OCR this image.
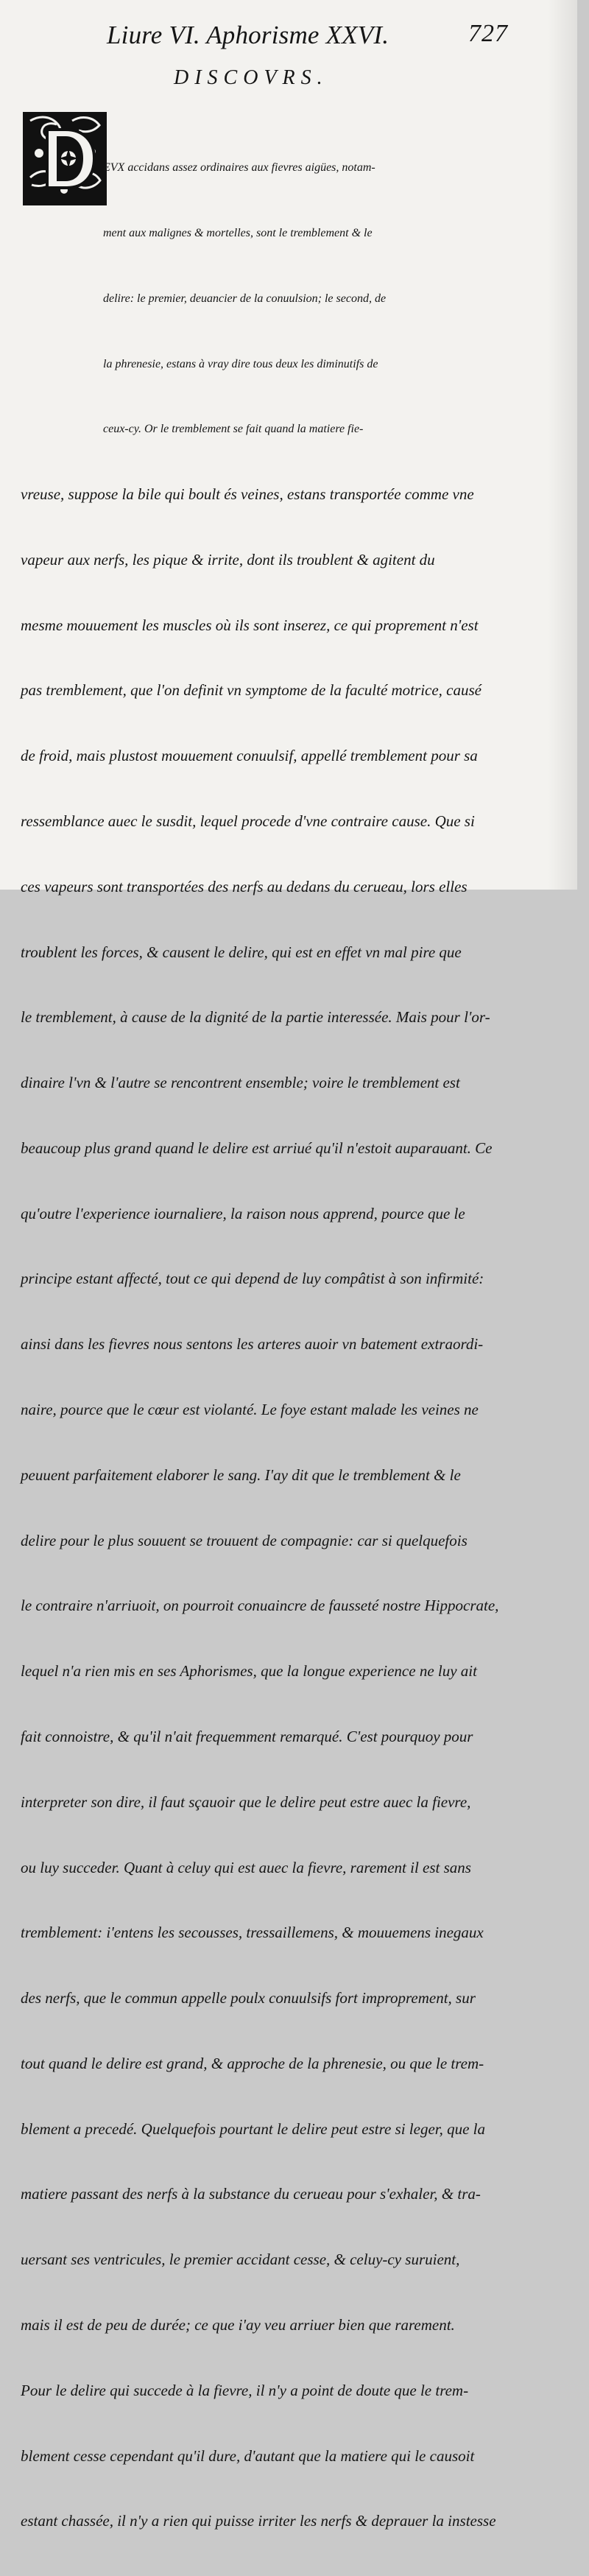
Liure VI. Aphorisme XXVI.	727
DISCOVRS.

EVX accidans assez ordinaires aux fievres aigües, notam-

ment aux malignes & mortelles, sont le tremblement & le

delire: le premier, deuancier de la conuulsion; le second, de

la phrenesie, estans à vray dire tous deux les diminutifs de

ceux-cy. Or le tremblement se fait quand la matiere fie-

vreuse, suppose la bile qui boult és veines, estans transportée comme vne

vapeur aux nerfs, les pique & irrite, dont ils troublent & agitent du

mesme mouuement les muscles où ils sont inserez, ce qui proprement n'est

pas tremblement, que l'on definit vn symptome de la faculté motrice, causé

de froid, mais plustost mouuement conuulsif, appellé tremblement pour sa

ressemblance auec le susdit, lequel procede d'vne contraire cause. Que si

ces vapeurs sont transportées des nerfs au dedans du cerueau, lors elles

troublent les forces, & causent le delire, qui est en effet vn mal pire que

le tremblement, à cause de la dignité de la partie interessée. Mais pour l'or-

dinaire l'vn & l'autre se rencontrent ensemble; voire le tremblement est

beaucoup plus grand quand le delire est arriué qu'il n'estoit auparauant. Ce

qu'outre l'experience iournaliere, la raison nous apprend, pource que le

principe estant affecté, tout ce qui depend de luy compâtist à son infirmité:

ainsi dans les fievres nous sentons les arteres auoir vn batement extraordi-

naire, pource que le cœur est violanté. Le foye estant malade les veines ne

peuuent parfaitement elaborer le sang. I'ay dit que le tremblement & le

delire pour le plus souuent se trouuent de compagnie: car si quelquefois

le contraire n'arriuoit, on pourroit conuaincre de fausseté nostre Hippocrate,

lequel n'a rien mis en ses Aphorismes, que la longue experience ne luy ait

fait connoistre, & qu'il n'ait frequemment remarqué. C'est pourquoy pour

interpreter son dire, il faut sçauoir que le delire peut estre auec la fievre,

ou luy succeder. Quant à celuy qui est auec la fievre, rarement il est sans

tremblement: i'entens les secousses, tressaillemens, & mouuemens inegaux

des nerfs, que le commun appelle poulx conuulsifs fort improprement, sur

tout quand le delire est grand, & approche de la phrenesie, ou que le trem-

blement a precedé. Quelquefois pourtant le delire peut estre si leger, que la

matiere passant des nerfs à la substance du cerueau pour s'exhaler, & tra-

uersant ses ventricules, le premier accidant cesse, & celuy-cy suruient,

mais il est de peu de durée; ce que i'ay veu arriuer bien que rarement.

Pour le delire qui succede à la fievre, il n'y a point de doute que le trem-

blement cesse cependant qu'il dure, d'autant que la matiere qui le causoit

estant chassée, il n'y a rien qui puisse irriter les nerfs & deprauer la instesse
